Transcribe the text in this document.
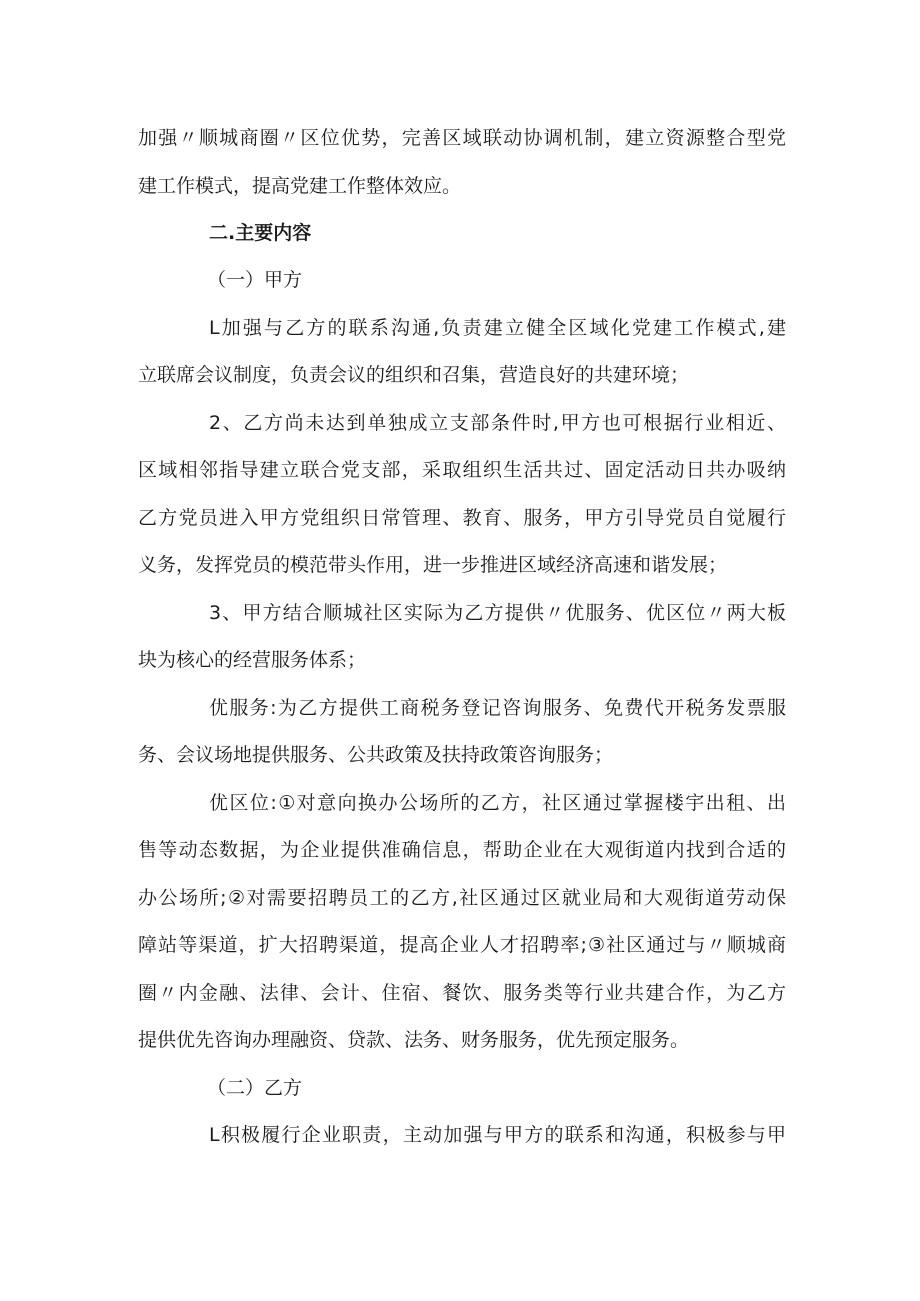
加强〃顺城商圈〃区位优势，完善区域联动协调机制，建立资源整合型党
建工作模式，提高党建工作整体效应。
二.主要内容
（一）甲方
L加强与乙方的联系沟通,负责建立健全区域化党建工作模式,建
立联席会议制度，负责会议的组织和召集，营造良好的共建环境；
2、乙方尚未达到单独成立支部条件时,甲方也可根据行业相近、
区域相邻指导建立联合党支部，采取组织生活共过、固定活动日共办吸纳
乙方党员进入甲方党组织日常管理、教育、服务，甲方引导党员自觉履行
义务，发挥党员的模范带头作用，进一步推进区域经济高速和谐发展；
3、甲方结合顺城社区实际为乙方提供〃优服务、优区位〃两大板
块为核心的经营服务体系；
优服务:为乙方提供工商税务登记咨询服务、免费代开税务发票服
务、会议场地提供服务、公共政策及扶持政策咨询服务；
优区位:①对意向换办公场所的乙方，社区通过掌握楼宇出租、出
售等动态数据，为企业提供准确信息，帮助企业在大观街道内找到合适的
办公场所;②对需要招聘员工的乙方,社区通过区就业局和大观街道劳动保
障站等渠道，扩大招聘渠道，提高企业人才招聘率;③社区通过与〃顺城商
圈〃内金融、法律、会计、住宿、餐饮、服务类等行业共建合作，为乙方
提供优先咨询办理融资、贷款、法务、财务服务，优先预定服务。
（二）乙方
L积极履行企业职责，主动加强与甲方的联系和沟通，积极参与甲
